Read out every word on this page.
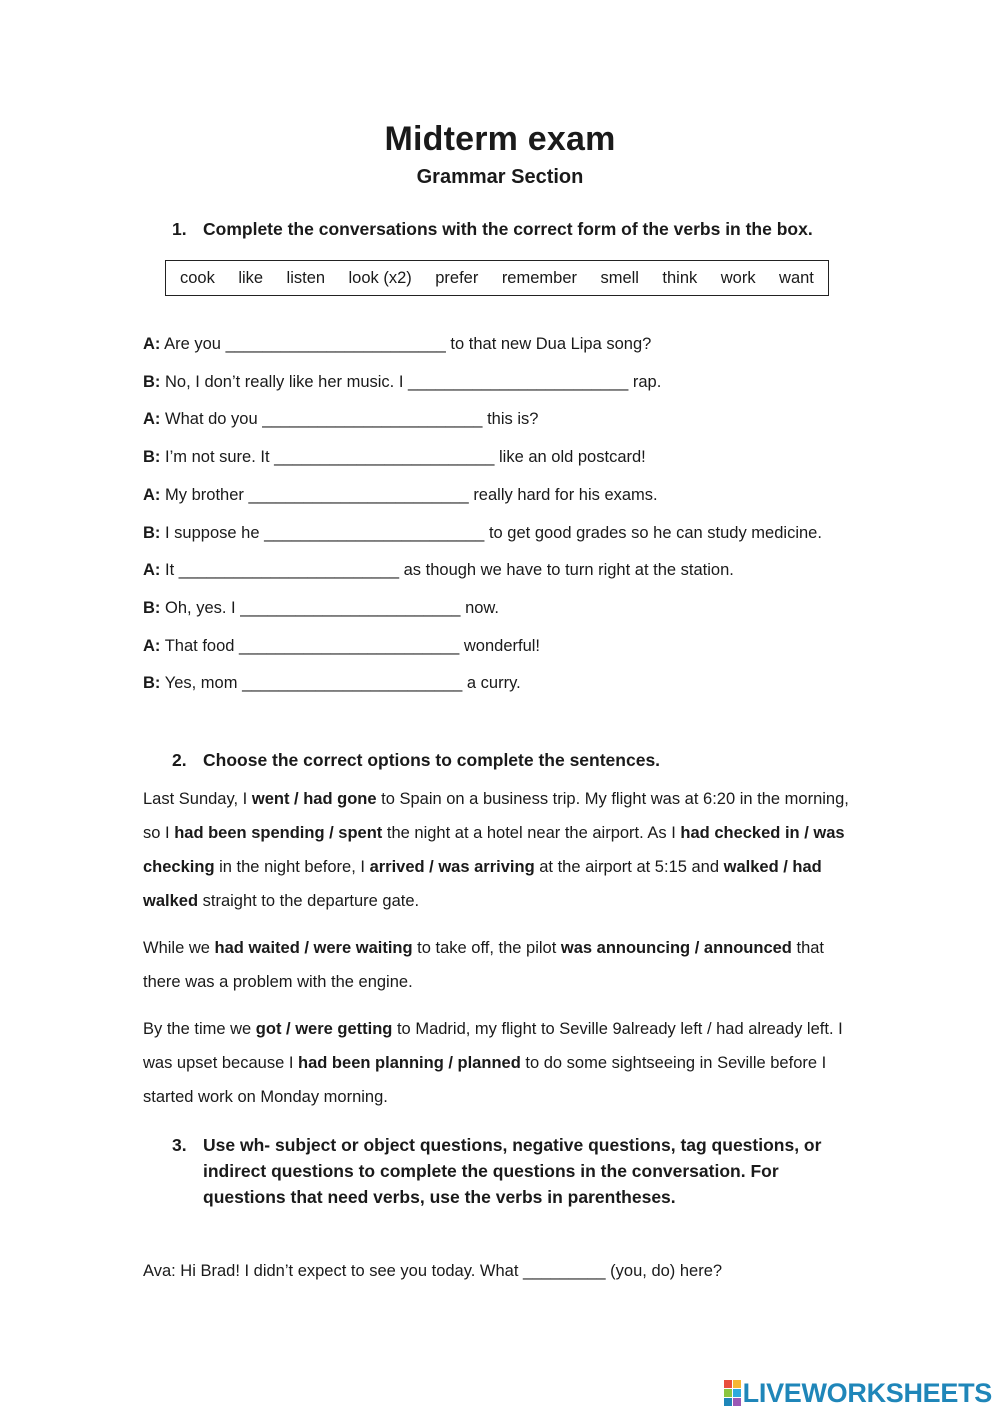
Midterm exam
Grammar Section
1. Complete the conversations with the correct form of the verbs in the box.
cook like listen look (x2) prefer remember smell think work want
A: Are you ________________________ to that new Dua Lipa song?
B: No, I don’t really like her music. I ________________________ rap.
A: What do you ________________________ this is?
B: I’m not sure. It ________________________ like an old postcard!
A: My brother ________________________ really hard for his exams.
B: I suppose he ________________________ to get good grades so he can study medicine.
A: It ________________________ as though we have to turn right at the station.
B: Oh, yes. I ________________________ now.
A: That food ________________________ wonderful!
B: Yes, mom ________________________ a curry.
2. Choose the correct options to complete the sentences.
Last Sunday, I went / had gone to Spain on a business trip. My flight was at 6:20 in the morning, so I had been spending / spent the night at a hotel near the airport. As I had checked in / was checking in the night before, I arrived / was arriving at the airport at 5:15 and walked / had walked straight to the departure gate.
While we had waited / were waiting to take off, the pilot was announcing / announced that there was a problem with the engine.
By the time we got / were getting to Madrid, my flight to Seville 9already left / had already left. I was upset because I had been planning / planned to do some sightseeing in Seville before I started work on Monday morning.
3. Use wh- subject or object questions, negative questions, tag questions, or indirect questions to complete the questions in the conversation. For questions that need verbs, use the verbs in parentheses.
Ava: Hi Brad! I didn’t expect to see you today. What _________ (you, do) here?
LIVEWORKSHEETS
